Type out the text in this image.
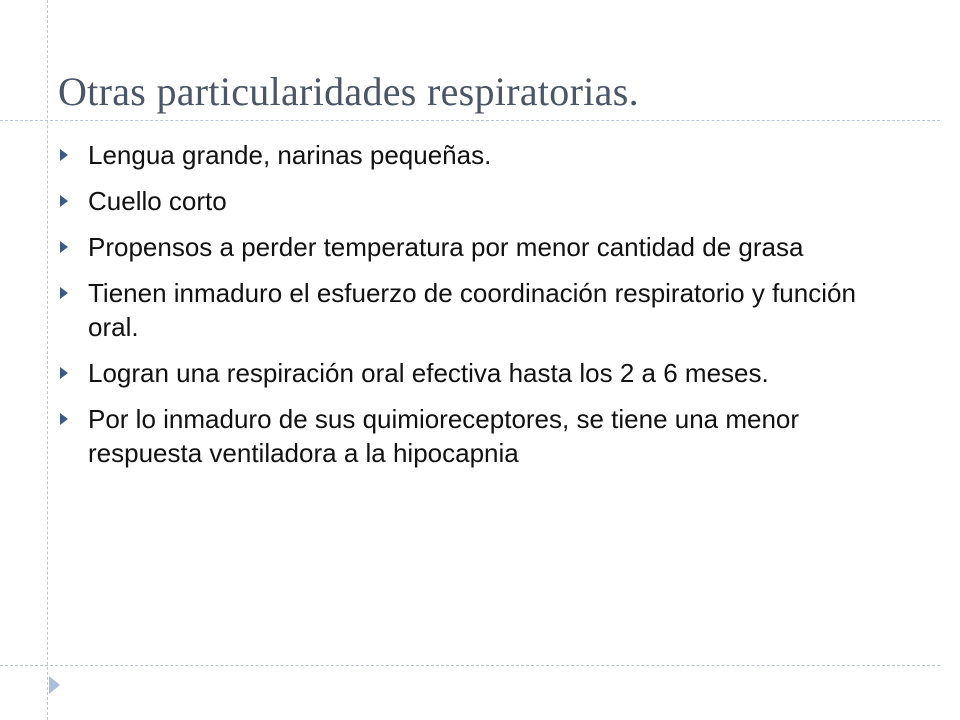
Otras particularidades respiratorias.
Lengua grande, narinas pequeñas.
Cuello corto
Propensos a perder temperatura por menor cantidad de grasa
Tienen inmaduro el esfuerzo de coordinación respiratorio y función oral.
Logran una respiración oral efectiva hasta los 2 a 6 meses.
Por lo inmaduro de sus quimioreceptores, se tiene una menor respuesta ventiladora a la hipocapnia
